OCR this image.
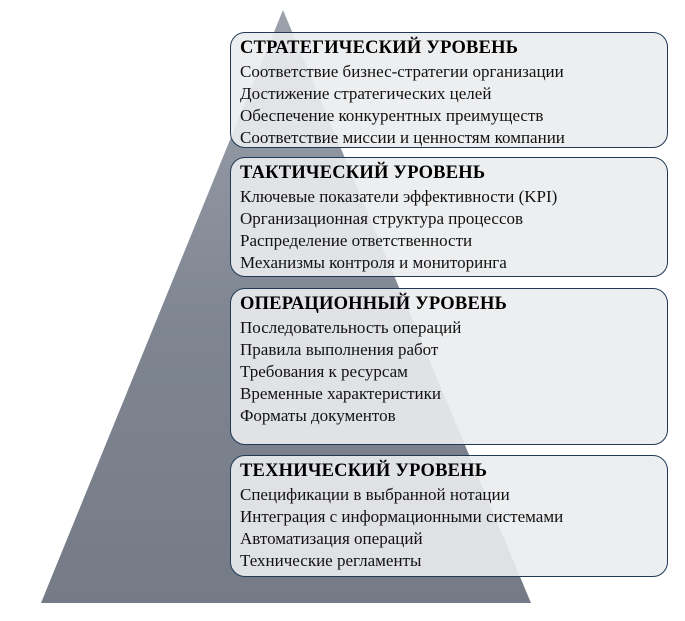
СТРАТЕГИЧЕСКИЙ УРОВЕНЬ
Соответствие бизнес-стратегии организации
Достижение стратегических целей
Обеспечение конкурентных преимуществ
Соответствие миссии и ценностям компании
ТАКТИЧЕСКИЙ УРОВЕНЬ
Ключевые показатели эффективности (KPI)
Организационная структура процессов
Распределение ответственности
Механизмы контроля и мониторинга
ОПЕРАЦИОННЫЙ УРОВЕНЬ
Последовательность операций
Правила выполнения работ
Требования к ресурсам
Временные характеристики
Форматы документов
ТЕХНИЧЕСКИЙ УРОВЕНЬ
Спецификации в выбранной нотации
Интеграция с информационными системами
Автоматизация операций
Технические регламенты
